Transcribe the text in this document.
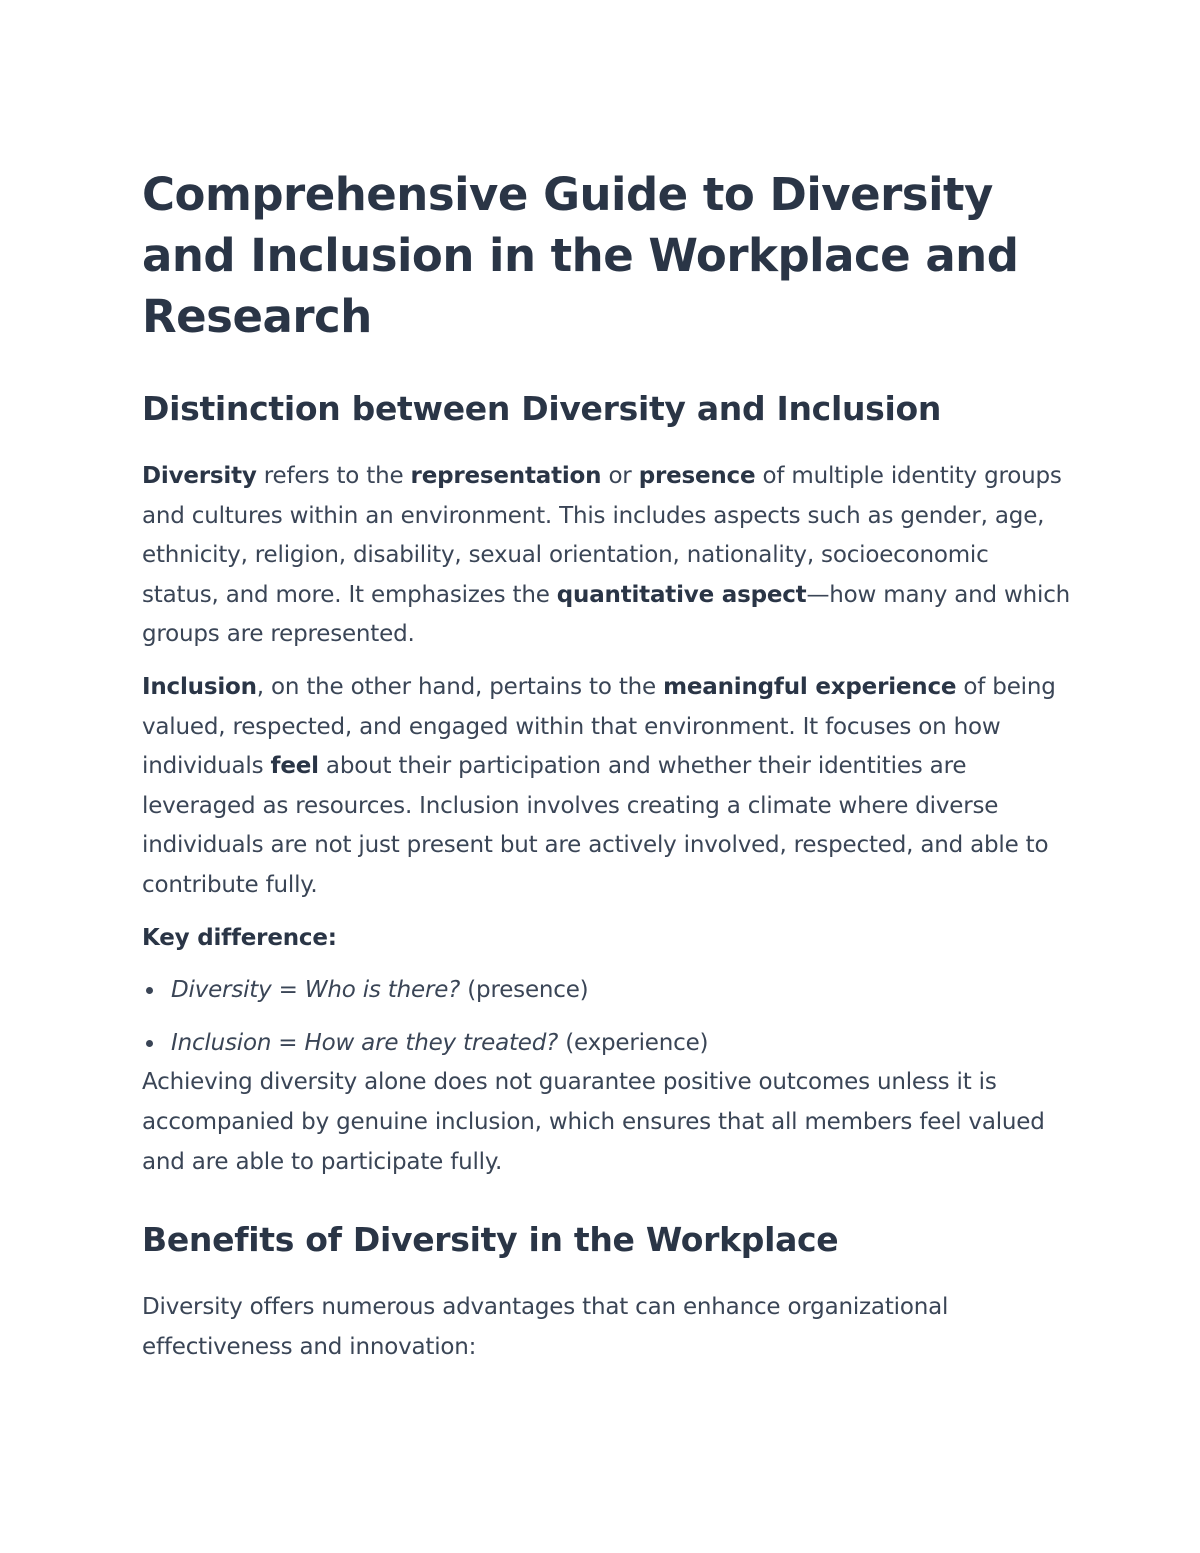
Comprehensive Guide to Diversity and Inclusion in the Workplace and Research
Distinction between Diversity and Inclusion

Diversity refers to the representation or presence of multiple identity groups and cultures within an environment. This includes aspects such as gender, age, ethnicity, religion, disability, sexual orientation, nationality, socioeconomic status, and more. It emphasizes the quantitative aspect—how many and which groups are represented.

Inclusion, on the other hand, pertains to the meaningful experience of being valued, respected, and engaged within that environment. It focuses on how individuals feel about their participation and whether their identities are leveraged as resources. Inclusion involves creating a climate where diverse individuals are not just present but are actively involved, respected, and able to contribute fully.

Key difference:

Diversity = Who is there? (presence)
Inclusion = How are they treated? (experience)

Achieving diversity alone does not guarantee positive outcomes unless it is accompanied by genuine inclusion, which ensures that all members feel valued and are able to participate fully.

Benefits of Diversity in the Workplace

Diversity offers numerous advantages that can enhance organizational effectiveness and innovation:
